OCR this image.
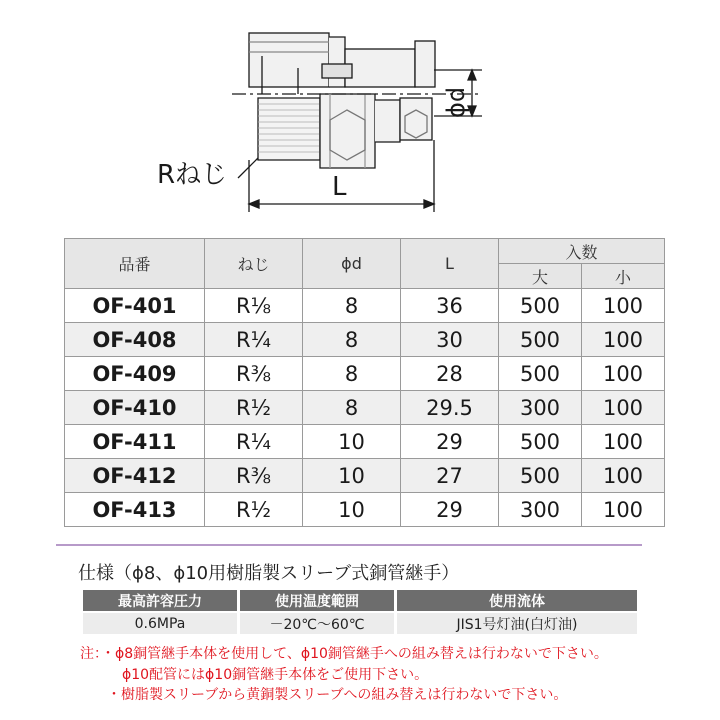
Rねじ	L
ϕd
品番	ねじ	ϕd	L	入数	
				大	小
OF-401	R⅛	8	36	500	100
OF-408	R¼	8	30	500	100
OF-409	R⅜	8	28	500	100
OF-410	R½	8	29.5	300	100
OF-411	R¼	10	29	500	100
OF-412	R⅜	10	27	500	100
OF-413	R½	10	29	300	100
仕様（ϕ8、ϕ10用樹脂製スリーブ式銅管継手）
最高許容圧力	使用温度範囲	使用流体
0.6MPa	－20℃～60℃	JIS1号灯油(白灯油)
注：・ϕ8銅管継手本体を使用して、ϕ10銅管継手への組み替えは行わないで下さい。
ϕ10配管にはϕ10銅管継手本体をご使用下さい。
・樹脂製スリーブから黄銅製スリーブへの組み替えは行わないで下さい。
